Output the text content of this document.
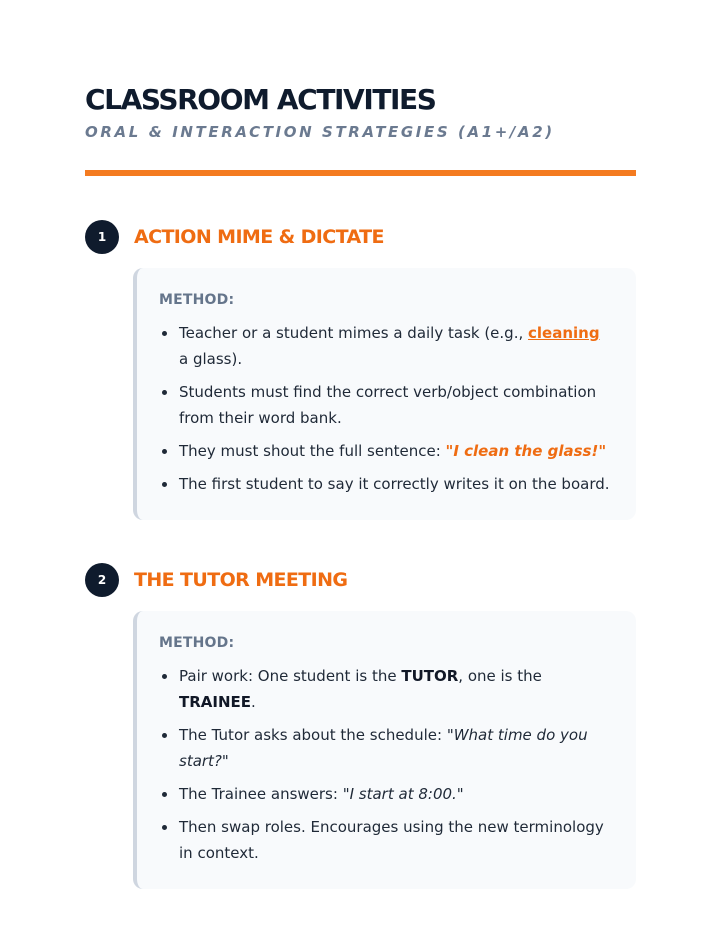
CLASSROOM ACTIVITIES
ORAL & INTERACTION STRATEGIES (A1+/A2)
1	ACTION MIME & DICTATE
METHOD:
Teacher or a student mimes a daily task (e.g., cleaning a glass).
Students must find the correct verb/object combination from their word bank.
They must shout the full sentence: "I clean the glass!"
The first student to say it correctly writes it on the board.
2	THE TUTOR MEETING
METHOD:
Pair work: One student is the TUTOR, one is the TRAINEE.
The Tutor asks about the schedule: "What time do you start?"
The Trainee answers: "I start at 8:00."
Then swap roles. Encourages using the new terminology in context.
